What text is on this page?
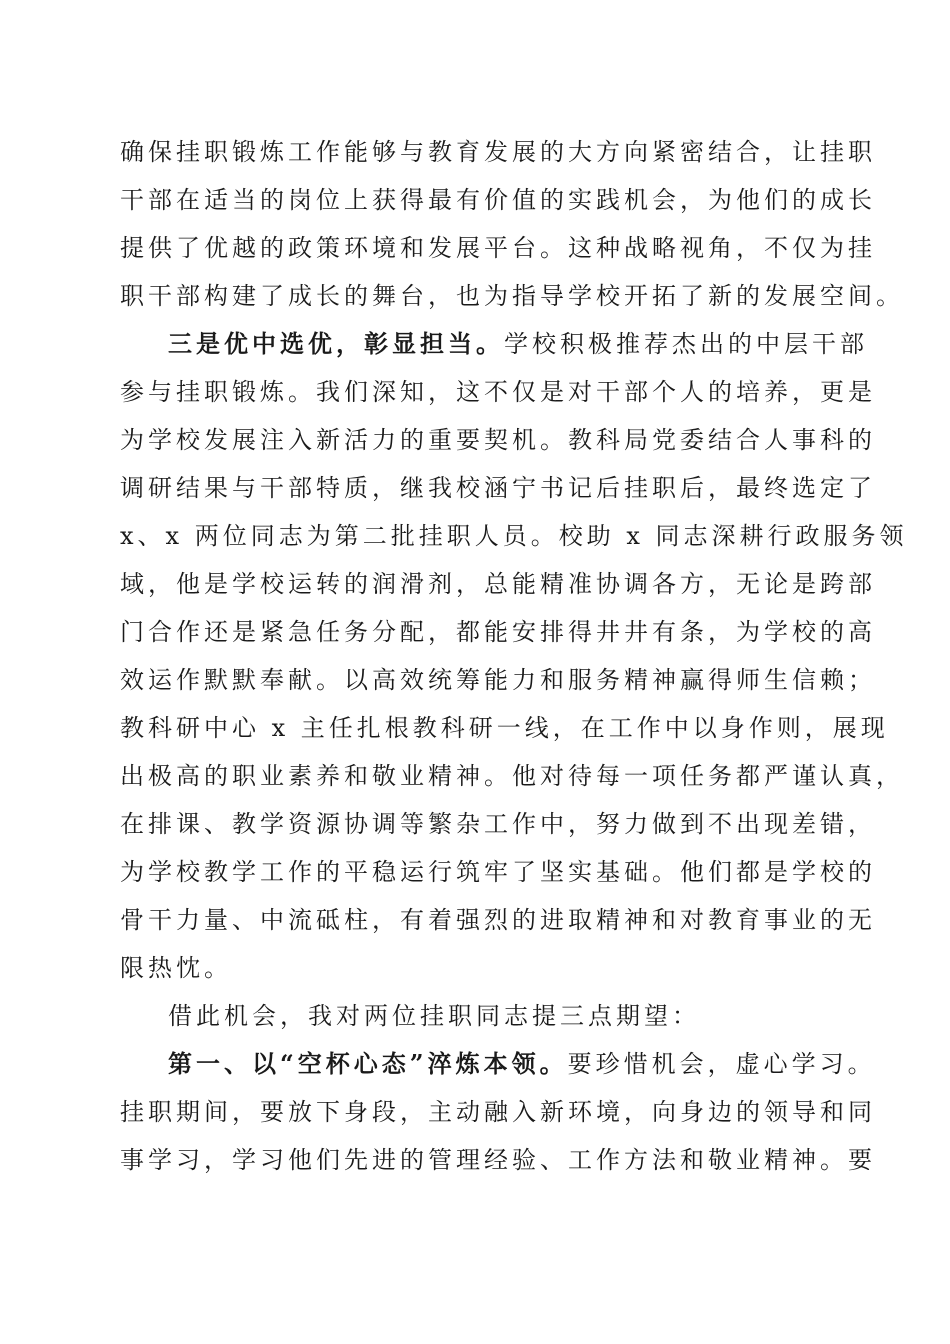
确保挂职锻炼工作能够与教育发展的大方向紧密结合，让挂职
干部在适当的岗位上获得最有价值的实践机会，为他们的成长
提供了优越的政策环境和发展平台。这种战略视角，不仅为挂
职干部构建了成长的舞台，也为指导学校开拓了新的发展空间。
三是优中选优，彰显担当。学校积极推荐杰出的中层干部
参与挂职锻炼。我们深知，这不仅是对干部个人的培养，更是
为学校发展注入新活力的重要契机。教科局党委结合人事科的
调研结果与干部特质，继我校涵宁书记后挂职后，最终选定了
x、x 两位同志为第二批挂职人员。校助 x 同志深耕行政服务领
域，他是学校运转的润滑剂，总能精准协调各方，无论是跨部
门合作还是紧急任务分配，都能安排得井井有条，为学校的高
效运作默默奉献。以高效统筹能力和服务精神赢得师生信赖；
教科研中心 x 主任扎根教科研一线，在工作中以身作则，展现
出极高的职业素养和敬业精神。他对待每一项任务都严谨认真，
在排课、教学资源协调等繁杂工作中，努力做到不出现差错，
为学校教学工作的平稳运行筑牢了坚实基础。他们都是学校的
骨干力量、中流砥柱，有着强烈的进取精神和对教育事业的无
限热忱。
借此机会，我对两位挂职同志提三点期望：
第一、以“空杯心态”淬炼本领。要珍惜机会，虚心学习。
挂职期间，要放下身段，主动融入新环境，向身边的领导和同
事学习，学习他们先进的管理经验、工作方法和敬业精神。要
